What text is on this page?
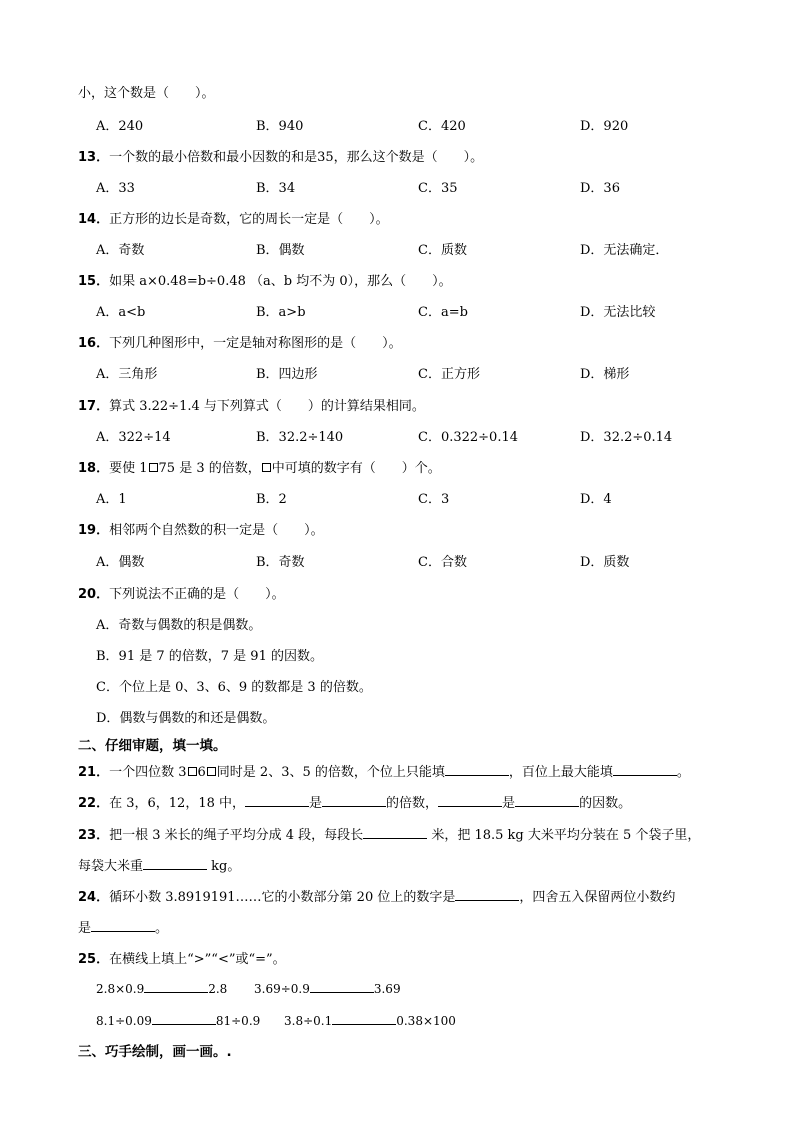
小，这个数是（　　）。
A．240	B．940	C．420	D．920
13．一个数的最小倍数和最小因数的和是35，那么这个数是（　　）。
A．33	B．34	C．35	D．36
14．正方形的边长是奇数，它的周长一定是（　　）。
A．奇数	B．偶数	C．质数	D．无法确定．
15．如果 a×0.48=b÷0.48 （a、b 均不为 0），那么（　　）。
A．a<b	B．a>b	C．a=b	D．无法比较
16．下列几种图形中，一定是轴对称图形的是（　　）。
A．三角形	B．四边形	C．正方形	D．梯形
17．算式 3.22÷1.4 与下列算式（　　）的计算结果相同。
A．322÷14	B．32.2÷140	C．0.322÷0.14	D．32.2÷0.14
18．要使 1 75 是 3 的倍数， 中可填的数字有（　　）个。
A．1	B．2	C．3	D．4
19．相邻两个自然数的积一定是（　　）。
A．偶数	B．奇数	C．合数	D．质数
20．下列说法不正确的是（　　）。
A．奇数与偶数的积是偶数。
B．91 是 7 的倍数，7 是 91 的因数。
C．个位上是 0、3、6、9 的数都是 3 的倍数。
D．偶数与偶数的和还是偶数。
二、仔细审题，填一填。
21．一个四位数 3 6 同时是 2、3、5 的倍数，个位上只能填	，百位上最大能填	。
22．在 3，6，12，18 中，	是	的倍数，	是	的因数。
23．把一根 3 米长的绳子平均分成 4 段，每段长	米，把 18.5 kg 大米平均分装在 5 个袋子里，
每袋大米重	kg。
24．循环小数 3.8919191……它的小数部分第 20 位上的数字是	，四舍五入保留两位小数约
是	。
25．在横线上填上“>”“<”或“=”。
2.8×0.9	2.8 3.69÷0.9	3.69
8.1÷0.09	81÷0.9 3.8÷0.1	0.38×100
三、巧手绘制，画一画。.
